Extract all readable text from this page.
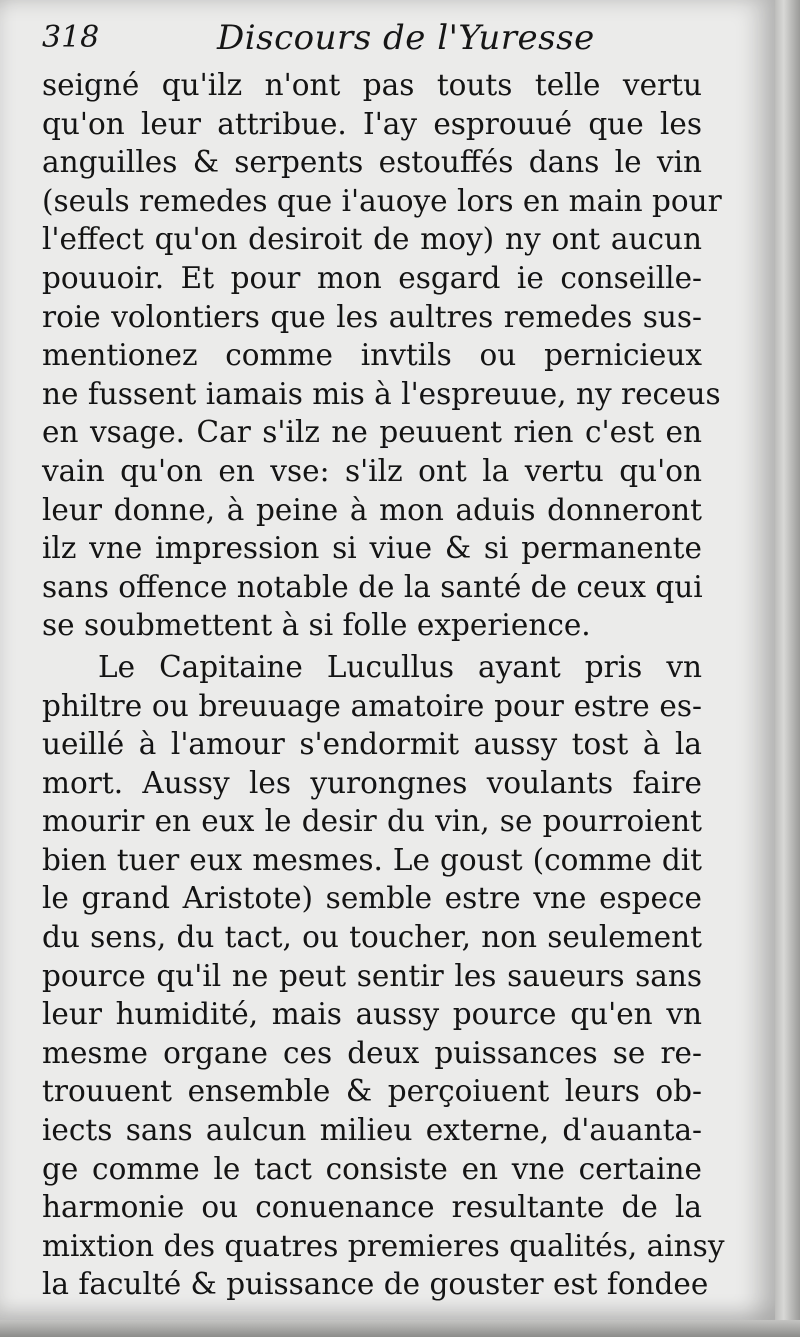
318	Discours de l'Yuresse
seigné qu'ilz n'ont pas touts telle vertu
qu'on leur attribue. I'ay esprouué que les
anguilles & serpents estouffés dans le vin
(seuls remedes que i'auoye lors en main pour
l'effect qu'on desiroit de moy) ny ont aucun
pouuoir. Et pour mon esgard ie conseille-
roie volontiers que les aultres remedes sus-
mentionez comme invtils ou pernicieux
ne fussent iamais mis à l'espreuue, ny receus
en vsage. Car s'ilz ne peuuent rien c'est en
vain qu'on en vse: s'ilz ont la vertu qu'on
leur donne, à peine à mon aduis donneront
ilz vne impression si viue & si permanente
sans offence notable de la santé de ceux qui
se soubmettent à si folle experience.
Le Capitaine Lucullus ayant pris vn
philtre ou breuuage amatoire pour estre es-
ueillé à l'amour s'endormit aussy tost à la
mort. Aussy les yurongnes voulants faire
mourir en eux le desir du vin, se pourroient
bien tuer eux mesmes. Le goust (comme dit
le grand Aristote) semble estre vne espece
du sens, du tact, ou toucher, non seulement
pource qu'il ne peut sentir les saueurs sans
leur humidité, mais aussy pource qu'en vn
mesme organe ces deux puissances se re-
trouuent ensemble & perçoiuent leurs ob-
iects sans aulcun milieu externe, d'auanta-
ge comme le tact consiste en vne certaine
harmonie ou conuenance resultante de la
mixtion des quatres premieres qualités, ainsy
la faculté & puissance de gouster est fondee
